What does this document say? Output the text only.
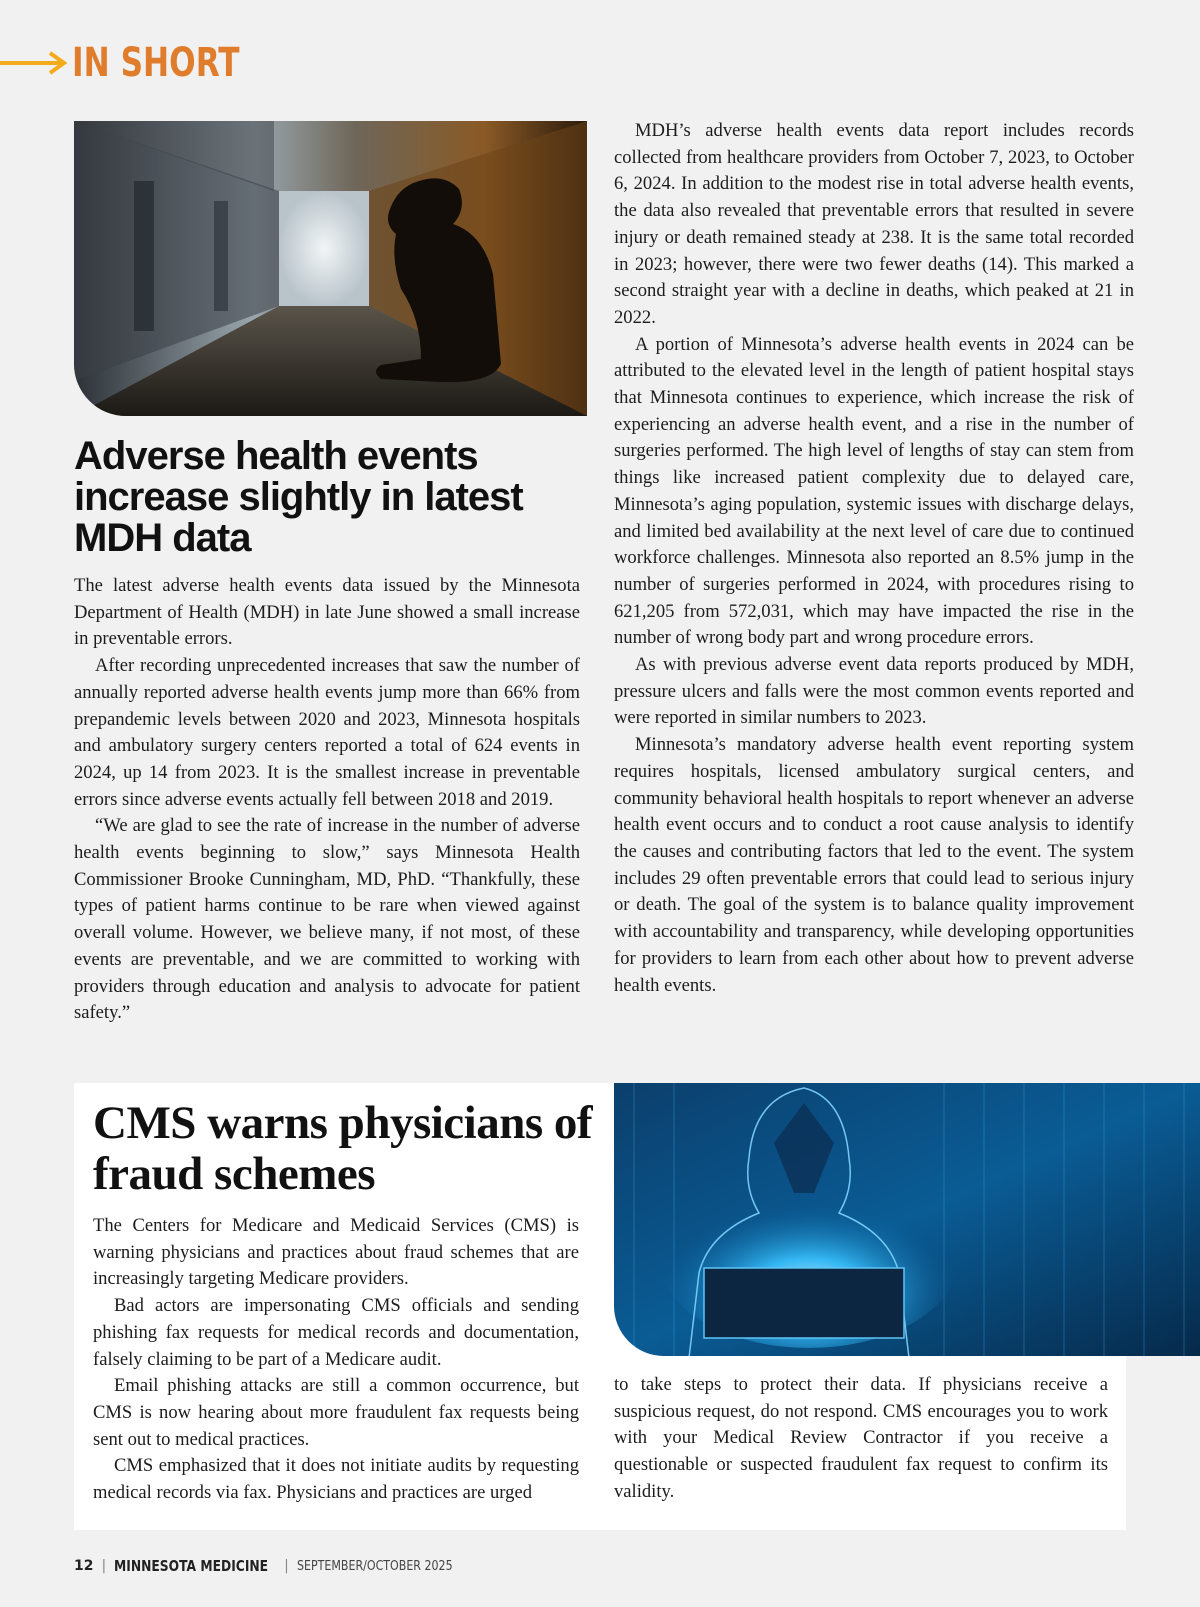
IN SHORT
Adverse health events increase slightly in latest MDH data

The latest adverse health events data issued by the Minnesota Department of Health (MDH) in late June showed a small increase in preventable errors.

After recording unprecedented increases that saw the number of annually reported adverse health events jump more than 66% from prepandemic levels between 2020 and 2023, Minnesota hospitals and ambulatory surgery centers reported a total of 624 events in 2024, up 14 from 2023. It is the smallest increase in preventable errors since adverse events actually fell between 2018 and 2019.

“We are glad to see the rate of increase in the number of adverse health events beginning to slow,” says Minnesota Health Commissioner Brooke Cunningham, MD, PhD. “Thankfully, these types of patient harms continue to be rare when viewed against overall volume. However, we believe many, if not most, of these events are preventable, and we are committed to working with providers through education and analysis to advocate for patient safety.”

MDH’s adverse health events data report includes records collected from healthcare providers from October 7, 2023, to October 6, 2024. In addition to the modest rise in total adverse health events, the data also revealed that preventable errors that resulted in severe injury or death remained steady at 238. It is the same total recorded in 2023; however, there were two fewer deaths (14). This marked a second straight year with a decline in deaths, which peaked at 21 in 2022.

A portion of Minnesota’s adverse health events in 2024 can be attributed to the elevated level in the length of patient hospital stays that Minnesota continues to experience, which increase the risk of experiencing an adverse health event, and a rise in the number of surgeries performed. The high level of lengths of stay can stem from things like increased patient complexity due to delayed care, Minnesota’s aging population, systemic issues with discharge delays, and limited bed availability at the next level of care due to continued workforce challenges. Minnesota also reported an 8.5% jump in the number of surgeries performed in 2024, with procedures rising to 621,205 from 572,031, which may have impacted the rise in the number of wrong body part and wrong procedure errors.

As with previous adverse event data reports produced by MDH, pressure ulcers and falls were the most common events reported and were reported in similar numbers to 2023.

Minnesota’s mandatory adverse health event reporting system requires hospitals, licensed ambulatory surgical centers, and community behavioral health hospitals to report whenever an adverse health event occurs and to conduct a root cause analysis to identify the causes and contributing factors that led to the event. The system includes 29 often preventable errors that could lead to serious injury or death. The goal of the system is to balance quality improvement with accountability and transparency, while developing opportunities for providers to learn from each other about how to prevent adverse health events.

CMS warns physicians of fraud schemes

The Centers for Medicare and Medicaid Services (CMS) is warning physicians and practices about fraud schemes that are increasingly targeting Medicare providers.

Bad actors are impersonating CMS officials and sending phishing fax requests for medical records and documentation, falsely claiming to be part of a Medicare audit.

Email phishing attacks are still a common occurrence, but CMS is now hearing about more fraudulent fax requests being sent out to medical practices.

CMS emphasized that it does not initiate audits by requesting medical records via fax. Physicians and practices are urged

to take steps to protect their data. If physicians receive a suspicious request, do not respond. CMS encourages you to work with your Medical Review Contractor if you receive a questionable or suspected fraudulent fax request to confirm its validity.

12 | MINNESOTA MEDICINE | SEPTEMBER/OCTOBER 2025
